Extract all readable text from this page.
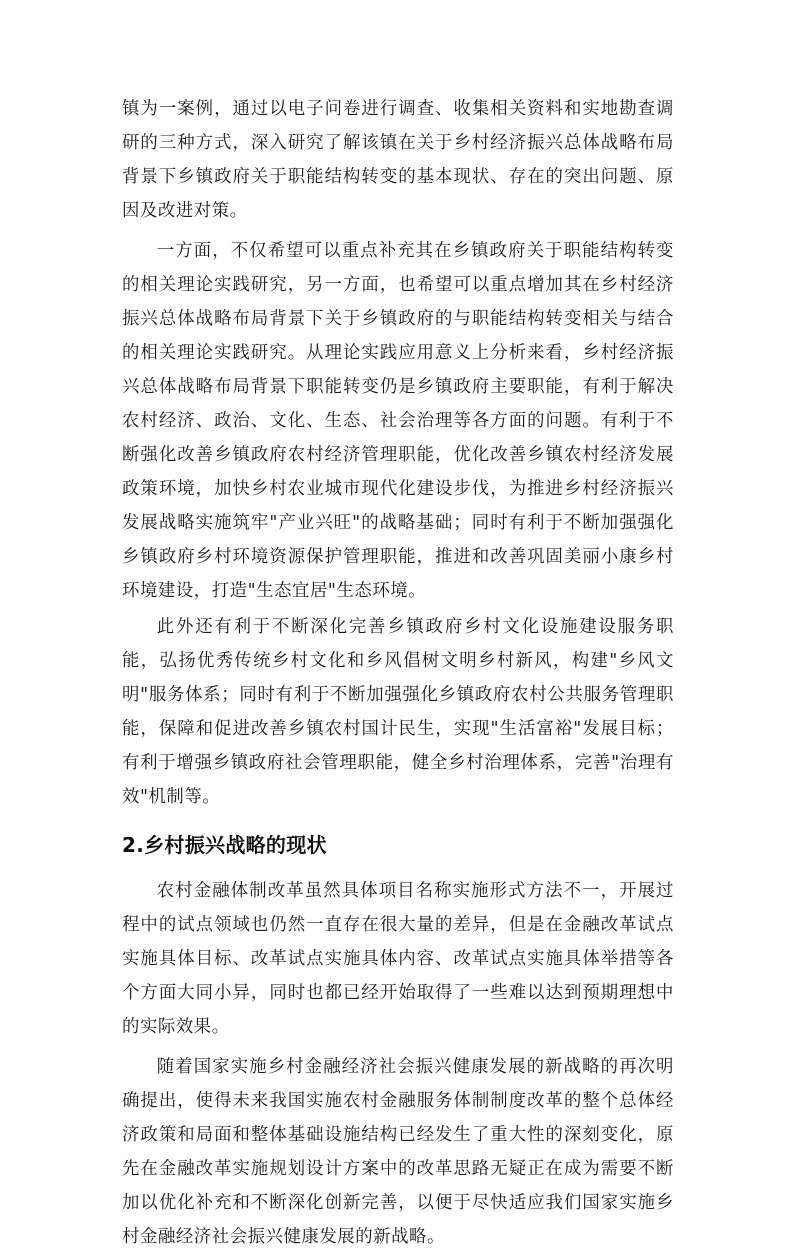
镇为一案例，通过以电子问卷进行调查、收集相关资料和实地勘查调研的三种方式，深入研究了解该镇在关于乡村经济振兴总体战略布局背景下乡镇政府关于职能结构转变的基本现状、存在的突出问题、原因及改进对策。

一方面，不仅希望可以重点补充其在乡镇政府关于职能结构转变的相关理论实践研究，另一方面，也希望可以重点增加其在乡村经济振兴总体战略布局背景下关于乡镇政府的与职能结构转变相关与结合的相关理论实践研究。从理论实践应用意义上分析来看，乡村经济振兴总体战略布局背景下职能转变仍是乡镇政府主要职能，有利于解决农村经济、政治、文化、生态、社会治理等各方面的问题。有利于不断强化改善乡镇政府农村经济管理职能，优化改善乡镇农村经济发展政策环境，加快乡村农业城市现代化建设步伐，为推进乡村经济振兴发展战略实施筑牢"产业兴旺"的战略基础；同时有利于不断加强强化乡镇政府乡村环境资源保护管理职能，推进和改善巩固美丽小康乡村环境建设，打造"生态宜居"生态环境。

此外还有利于不断深化完善乡镇政府乡村文化设施建设服务职能，弘扬优秀传统乡村文化和乡风倡树文明乡村新风，构建"乡风文明"服务体系；同时有利于不断加强强化乡镇政府农村公共服务管理职能，保障和促进改善乡镇农村国计民生，实现"生活富裕"发展目标；有利于增强乡镇政府社会管理职能，健全乡村治理体系，完善"治理有效"机制等。

2.乡村振兴战略的现状

农村金融体制改革虽然具体项目名称实施形式方法不一，开展过程中的试点领域也仍然一直存在很大量的差异，但是在金融改革试点实施具体目标、改革试点实施具体内容、改革试点实施具体举措等各个方面大同小异，同时也都已经开始取得了一些难以达到预期理想中的实际效果。

随着国家实施乡村金融经济社会振兴健康发展的新战略的再次明确提出，使得未来我国实施农村金融服务体制制度改革的整个总体经济政策和局面和整体基础设施结构已经发生了重大性的深刻变化，原先在金融改革实施规划设计方案中的改革思路无疑正在成为需要不断加以优化补充和不断深化创新完善，以便于尽快适应我们国家实施乡村金融经济社会振兴健康发展的新战略。
